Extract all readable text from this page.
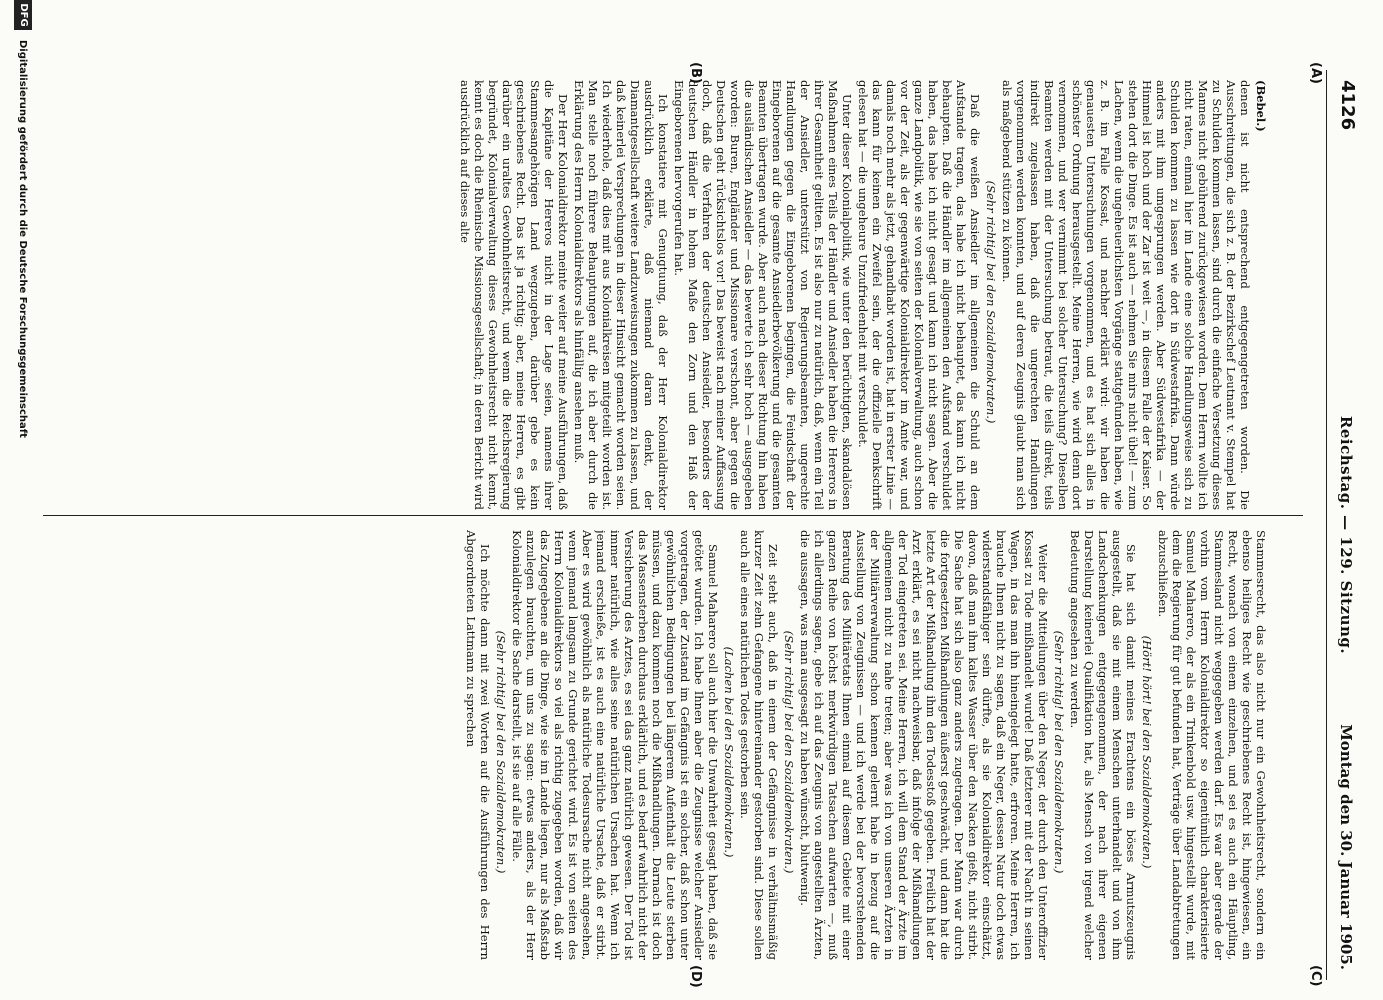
4126
Reichstag. — 129. Sitzung.
Montag den 30. Januar 1905.
(A)
(B)
(C)
(D)

(Bebel.)

denen ist nicht entsprechend entgegengetreten worden. Die Ausschreitungen, die sich z. B. der Bezirkschef Leutnant v. Stempel hat zu Schulden kommen lassen, sind durch die einfache Versetzung dieses Mannes nicht gebührend zurückgewiesen worden. Dem Herrn wollte ich nicht raten, einmal hier im Lande eine solche Handlungsweise sich zu Schulden kommen zu lassen wie dort in Südwestafrika. Dann würde anders mit ihm umgesprungen werden. Aber Südwestafrika — der Himmel ist hoch und der Zar ist weit —, in diesem Falle der Kaiser. So stehen dort die Dinge. Es ist auch — nehmen Sie mirs nicht übel! — zum Lachen, wenn die ungeheuerlichsten Vorgänge stattgefunden haben, wie z. B. im Falle Kossat, und nachher erklärt wird: wir haben die genauesten Untersuchungen vorgenommen, und es hat sich alles in schönster Ordnung herausgestellt. Meine Herren, wie wird denn dort vernommen, und wer vernimmt bei solcher Untersuchung? Dieselben Beamten werden mit der Untersuchung betraut, die teils direkt, teils indirekt zugelassen haben, daß die ungerechten Handlungen vorgenommen werden konnten, und auf deren Zeugnis glaubt man sich als maßgebend stützen zu können.

(Sehr richtig! bei den Sozialdemokraten.)

Daß die weißen Ansiedler im allgemeinen die Schuld an dem Aufstande tragen, das habe ich nicht behauptet, das kann ich nicht behaupten. Daß die Händler im allgemeinen den Aufstand verschuldet haben, das habe ich nicht gesagt und kann ich nicht sagen. Aber die ganze Landpolitik, wie sie von seiten der Kolonialverwaltung, auch schon vor der Zeit, als der gegenwärtige Kolonialdirektor im Amte war, und damals noch mehr als jetzt, gehandhabt worden ist, hat in erster Linie — das kann für keinen ein Zweifel sein, der die offizielle Denkschrift gelesen hat — die ungeheure Unzufriedenheit mit verschuldet.

Unter dieser Kolonialpolitik, wie unter den berüchtigten, skandalösen Maßnahmen eines Teils der Händler und Ansiedler haben die Hereros in ihrer Gesamtheit gelitten. Es ist also nur zu natürlich, daß, wenn ein Teil der Ansiedler, unterstützt von Regierungsbeamten, ungerechte Handlungen gegen die Eingeborenen begingen, die Feindschaft der Eingeborenen auf die gesamte Ansiedlerbevölkerung und die gesamten Beamten übertragen wurde. Aber auch nach dieser Richtung hin haben die ausländischen Ansiedler — das bewerte ich sehr hoch — ausgegeben worden: Buren, Engländer und Missionare verschont, aber gegen die Deutschen geht rücksichtslos vor! Das beweist nach meiner Auffassung doch, daß die Verfahren der deutschen Ansiedler, besonders der deutschen Händler in hohem Maße den Zorn und den Haß der Eingeborenen hervorgerufen hat.

Ich konstatiere mit Genugtuung, daß der Herr Kolonialdirektor ausdrücklich erklärte, daß niemand daran denkt, der Diamantgesellschaft weitere Landzuweisungen zukommen zu lassen, und daß keinerlei Versprechungen in dieser Hinsicht gemacht worden seien. Ich wiederhole, daß dies mit aus Kolonialkreisen mitgeteilt worden ist. Man stelle noch führere Behauptungen auf, die ich aber durch die Erklärung des Herrn Kolonialdirektors als hinfällig ansehen muß.

Der Herr Kolonialdirektor meinte weiter auf meine Ausführungen, daß die Kapitäne der Hereros nicht in der Lage seien, namens ihrer Stammesangehörigen Land wegzugeben, darüber gebe es kein geschriebenes Recht. Das ist ja richtig; aber, meine Herren, es gibt darüber ein uraltes Gewohnheitsrecht, und wenn die Reichsregierung begründet, Kolonialverwaltung dieses Gewohnheitsrecht nicht kennt, kennt es doch die Rheinische Missionsgesellschaft; in deren Bericht wird ausdrücklich auf dieses alte

Stammesrecht, das also nicht nur ein Gewohnheitsrecht, sondern ein ebenso heiliges Recht wie geschriebenes Recht ist, hingewiesen, ein Recht, wonach von einem einzelnen, und sei es auch ein Häuptling, Stammesland nicht weggegeben werden darf. Es war aber gerade der vorhin vom Herrn Kolonialdirektor so eigentümlich charakterisierte Samuel Maharero, der als ein Trinkenbold usw. hingestellt wurde, mit dem die Regierung für gut befunden hat, Verträge über Landabtretungen abzuschließen.

(Hört! hört! bei den Sozialdemokraten.)

Sie hat sich damit meines Erachtens ein böses Armutszeugnis ausgestellt, daß sie mit einem Menschen unterhandelt und von ihm Landschenkungen entgegengenommen, der nach ihrer eigenen Darstellung keinerlei Qualifikation hat, als Mensch von irgend welcher Bedeutung angesehen zu werden.

(Sehr richtig! bei den Sozialdemokraten.)

Weiter die Mitteilungen über den Neger, der durch den Unteroffizier Kossat zu Tode mißhandelt wurde! Daß letzterer mit der Nacht in seinen Wagen, in das man ihn hineingelegt hatte, erfroren. Meine Herren, ich brauche Ihnen nicht zu sagen, daß ein Neger, dessen Natur doch etwas widerstandsfähiger sein dürfte, als sie Kolonialdirektor einschätzt, davon, daß man ihm kaltes Wasser über den Nacken gießt, nicht stirbt. Die Sache hat sich also ganz anders zugetragen. Der Mann war durch die fortgesetzten Mißhandlungen äußerst geschwächt, und dann hat die letzte Art der Mißhandlung ihm den Todesstoß gegeben. Freilich hat der Arzt erklärt, es sei nicht nachweisbar, daß infolge der Mißhandlungen der Tod eingetreten sei. Meine Herren, ich will dem Stand der Ärzte im allgemeinen nicht zu nahe treten; aber was ich von unseren Ärzten in der Militärverwaltung schon kennen gelernt habe in bezug auf die Ausstellung von Zeugnissen — und ich werde bei der bevorstehenden Beratung des Militäretats Ihnen einmal auf diesem Gebiete mit einer ganzen Reihe von höchst merkwürdigen Tatsachen aufwarten —, muß ich allerdings sagen, gebe ich auf das Zeugnis von angestellten Ärzten, die aussagen, was man ausgesagt zu haben wünscht, blutwenig.

(Sehr richtig! bei den Sozialdemokraten.)

Zeit steht auch, daß in einem der Gefängnisse in verhältnismäßig kurzer Zeit zehn Gefangene hintereinander gestorben sind. Diese sollen auch alle eines natürlichen Todes gestorben sein.

(Lachen bei den Sozialdemokraten.)

Samuel Maharero soll auch hier die Unwahrheit gesagt haben, daß sie getötet wurden. Ich habe Ihnen aber die Zeugnisse welcher Ansiedler vorgetragen, der Zustand im Gefängnis ist ein solcher, daß schon unter gewöhnlichen Bedingungen bei längerem Aufenthalt die Leute sterben müssen, und dazu kommen noch die Mißhandlungen. Darnach ist doch das Massensterben durchaus erklärlich, und es bedarf wahrlich nicht der Versicherung des Arztes, es sei das ganz natürlich gewesen. Der Tod ist immer natürlich, wie alles seine natürlichen Ursachen hat. Wenn ich jemand erschieße, ist es auch eine natürliche Ursache, daß er stirbt. Aber es wird gewöhnlich als natürliche Todesursache nicht angesehen, wenn jemand langsam zu Grunde gerichtet wird. Es ist von seiten des Herrn Kolonialdirektors so viel als richtig zugegeben worden, daß wir das Zugegebene an die Dinge, wie sie im Lande liegen, nur als Maßstab anzulegen brauchten, um uns zu sagen: etwas anders, als der Herr Kolonialdirektor die Sache darstellt, ist sie auf alle Fälle.

(Sehr richtig! bei den Sozialdemokraten.)

Ich möchte dann mit zwei Worten auf die Ausführungen des Herrn Abgeordneten Lattmann zu sprechen

DFG
Digitalisierung gefördert durch die Deutsche Forschungsgemeinschaft
